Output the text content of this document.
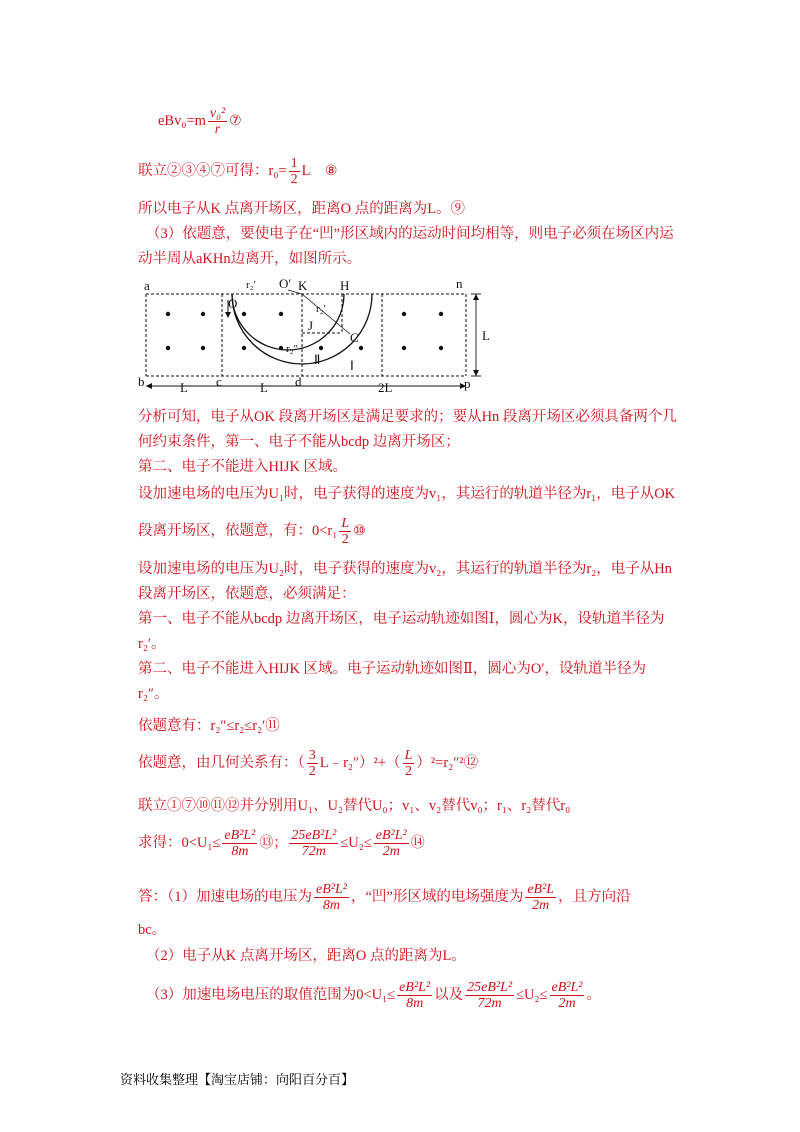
$eBv_0=m \frac{\text{v₀²}}{r}$ ⑦
联立②③④⑦可得：$r_0= \frac{1}{2}$ L ⑧
所以电子从K 点离开场区，距离O 点的距离为L。⑨
（3）依题意，要使电子在“凹”形区域内的运动时间均相等，则电子必须在场区内运
动半周从aKHn边离开，如图所示。
a
b	c	d
n
p
O
O′ K	H
J
C
r₂′
r₂′
r₂″
Ⅱ Ⅰ
L
L	2L
L
分析可知，电子从OK 段离开场区是满足要求的；要从Hn 段离开场区必须具备两个几
何约束条件，第一、电子不能从bcdp 边离开场区；
第二、电子不能进入HIJK 区域。
设加速电场的电压为U₁时，电子获得的速度为v₁，其运行的轨道半径为r₁，电子从OK
段离开场区，依题意，有：$0<r_1 \frac{L}{2}$ ⑩
设加速电场的电压为U₂时，电子获得的速度为v₂，其运行的轨道半径为r₂，电子从Hn
段离开场区，依题意，必须满足：
第一、电子不能从bcdp 边离开场区，电子运动轨迹如图Ⅰ，圆心为K，设轨道半径为
r₂′。
第二、电子不能进入HIJK 区域。电子运动轨迹如图Ⅱ，圆心为O′，设轨道半径为
r₂″。
依题意有：r₂″≤r₂≤r₂′⑪
依题意，由几何关系有：（ $\frac{3}{2}$ L﹣r₂″）²+（ $\frac{L}{2}$ ）²=r₂″²⑫
联立①⑦⑩⑪⑫并分别用U₁、U₂替代U₀；v₁、v₂替代v₀；r₁、r₂替代r₀
求得：$0<U_1\le \frac{\text{eB²L²}}{8m}$ ⑬； $\frac{\text{25eB²L²}}{72m} \le U_2\le \frac{\text{eB²L²}}{2m}$ ⑭
答：（1）加速电场的电压为 $\frac{\text{eB²L²}}{8m}$ ，“凹”形区域的电场强度为 $\frac{\text{eB²L}}{2m}$ ，且方向沿
bc。
（2）电子从K 点离开场区，距离O 点的距离为L。
（3）加速电场电压的取值范围为$0<U_1\le \frac{\text{eB²L²}}{8m}$ 以及 $\frac{\text{25eB²L²}}{72m} \le U_2\le \frac{\text{eB²L²}}{2m}$ 。
资料收集整理【淘宝店铺：向阳百分百】
